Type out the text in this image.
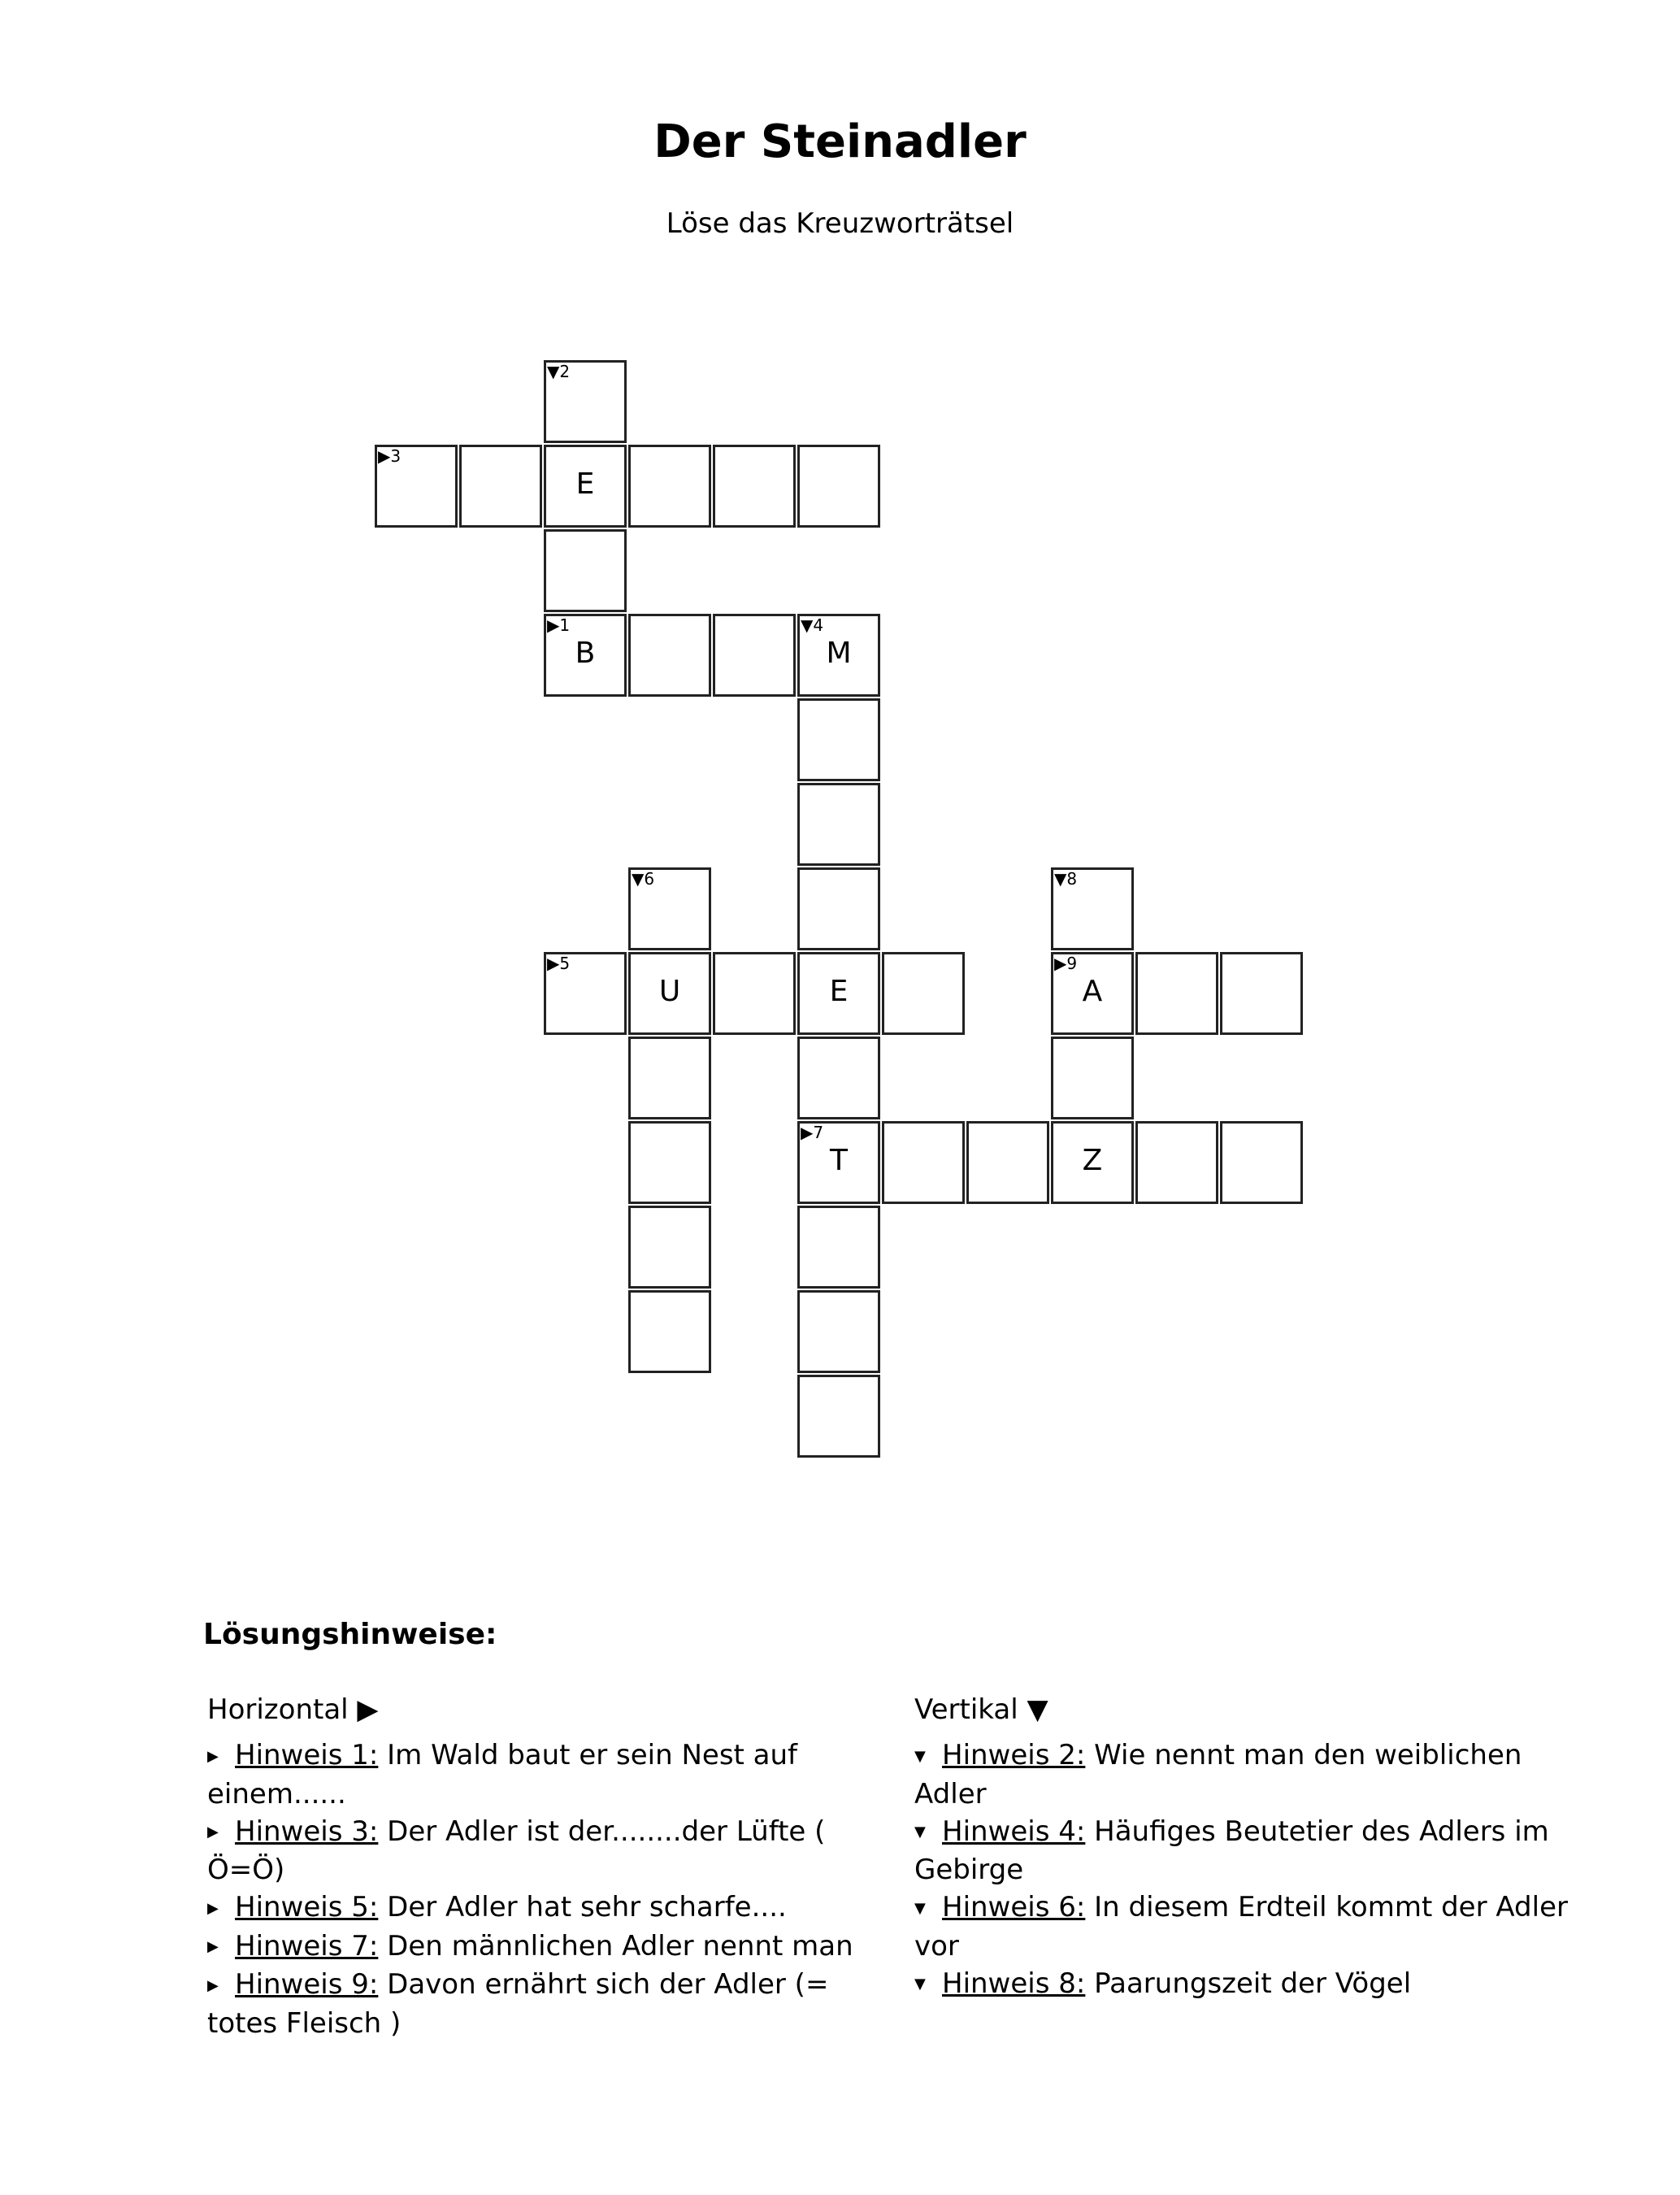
Der Steinadler

Löse das Kreuzworträtsel

▼2
▶3
E
▶1
B
▼4
M
▼6	▼8
▶5
U	E
▶9
A
▶7
T	Z
Lösungshinweise:
Horizontal ▶

▶ Hinweis 1: Im Wald baut er sein Nest auf einem......

▶ Hinweis 3: Der Adler ist der........der Lüfte ( Ö=Ö)

▶ Hinweis 5: Der Adler hat sehr scharfe....

▶ Hinweis 7: Den männlichen Adler nennt man

▶ Hinweis 9: Davon ernährt sich der Adler (= totes Fleisch )

Vertikal ▼

▼ Hinweis 2: Wie nennt man den weiblichen Adler

▼ Hinweis 4: Häufiges Beutetier des Adlers im Gebirge

▼ Hinweis 6: In diesem Erdteil kommt der Adler vor

▼ Hinweis 8: Paarungszeit der Vögel
